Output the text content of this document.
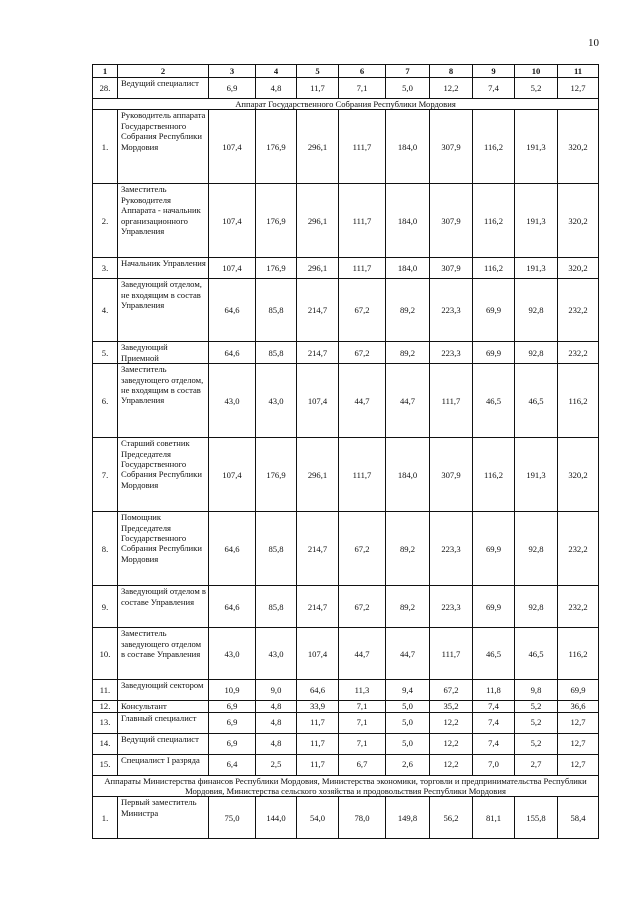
10
1	2	3	4	5	6	7	8	9	10	11
28.	Ведущий специалист	6,9	4,8	11,7	7,1	5,0	12,2	7,4	5,2	12,7
Аппарат Государственного Собрания Республики Мордовия										
1.	Руководитель аппарата Государственного Собрания Республики Мордовия	107,4	176,9	296,1	111,7	184,0	307,9	116,2	191,3	320,2
2.	Заместитель Руководителя Аппарата - начальник организационного Управления	107,4	176,9	296,1	111,7	184,0	307,9	116,2	191,3	320,2
3.	Начальник Управления	107,4	176,9	296,1	111,7	184,0	307,9	116,2	191,3	320,2
4.	Заведующий отделом, не входящим в состав Управления	64,6	85,8	214,7	67,2	89,2	223,3	69,9	92,8	232,2
5.	Заведующий Приемной	64,6	85,8	214,7	67,2	89,2	223,3	69,9	92,8	232,2
6.	Заместитель заведующего отделом, не входящим в состав Управления	43,0	43,0	107,4	44,7	44,7	111,7	46,5	46,5	116,2
7.	Старший советник Председателя Государственного Собрания Республики Мордовия	107,4	176,9	296,1	111,7	184,0	307,9	116,2	191,3	320,2
8.	Помощник Председателя Государственного Собрания Республики Мордовия	64,6	85,8	214,7	67,2	89,2	223,3	69,9	92,8	232,2
9.	Заведующий отделом в составе Управления	64,6	85,8	214,7	67,2	89,2	223,3	69,9	92,8	232,2
10.	Заместитель заведующего отделом в составе Управления	43,0	43,0	107,4	44,7	44,7	111,7	46,5	46,5	116,2
11.	Заведующий сектором	10,9	9,0	64,6	11,3	9,4	67,2	11,8	9,8	69,9
12.	Консультант	6,9	4,8	33,9	7,1	5,0	35,2	7,4	5,2	36,6
13.	Главный специалист	6,9	4,8	11,7	7,1	5,0	12,2	7,4	5,2	12,7
14.	Ведущий специалист	6,9	4,8	11,7	7,1	5,0	12,2	7,4	5,2	12,7
15.	Специалист I разряда	6,4	2,5	11,7	6,7	2,6	12,2	7,0	2,7	12,7
Аппараты Министерства финансов Республики Мордовия, Министерства экономики, торговли и предпринимательства Республики Мордовия, Министерства сельского хозяйства и продовольствия Республики Мордовия										
1.	Первый заместитель Министра	75,0	144,0	54,0	78,0	149,8	56,2	81,1	155,8	58,4
